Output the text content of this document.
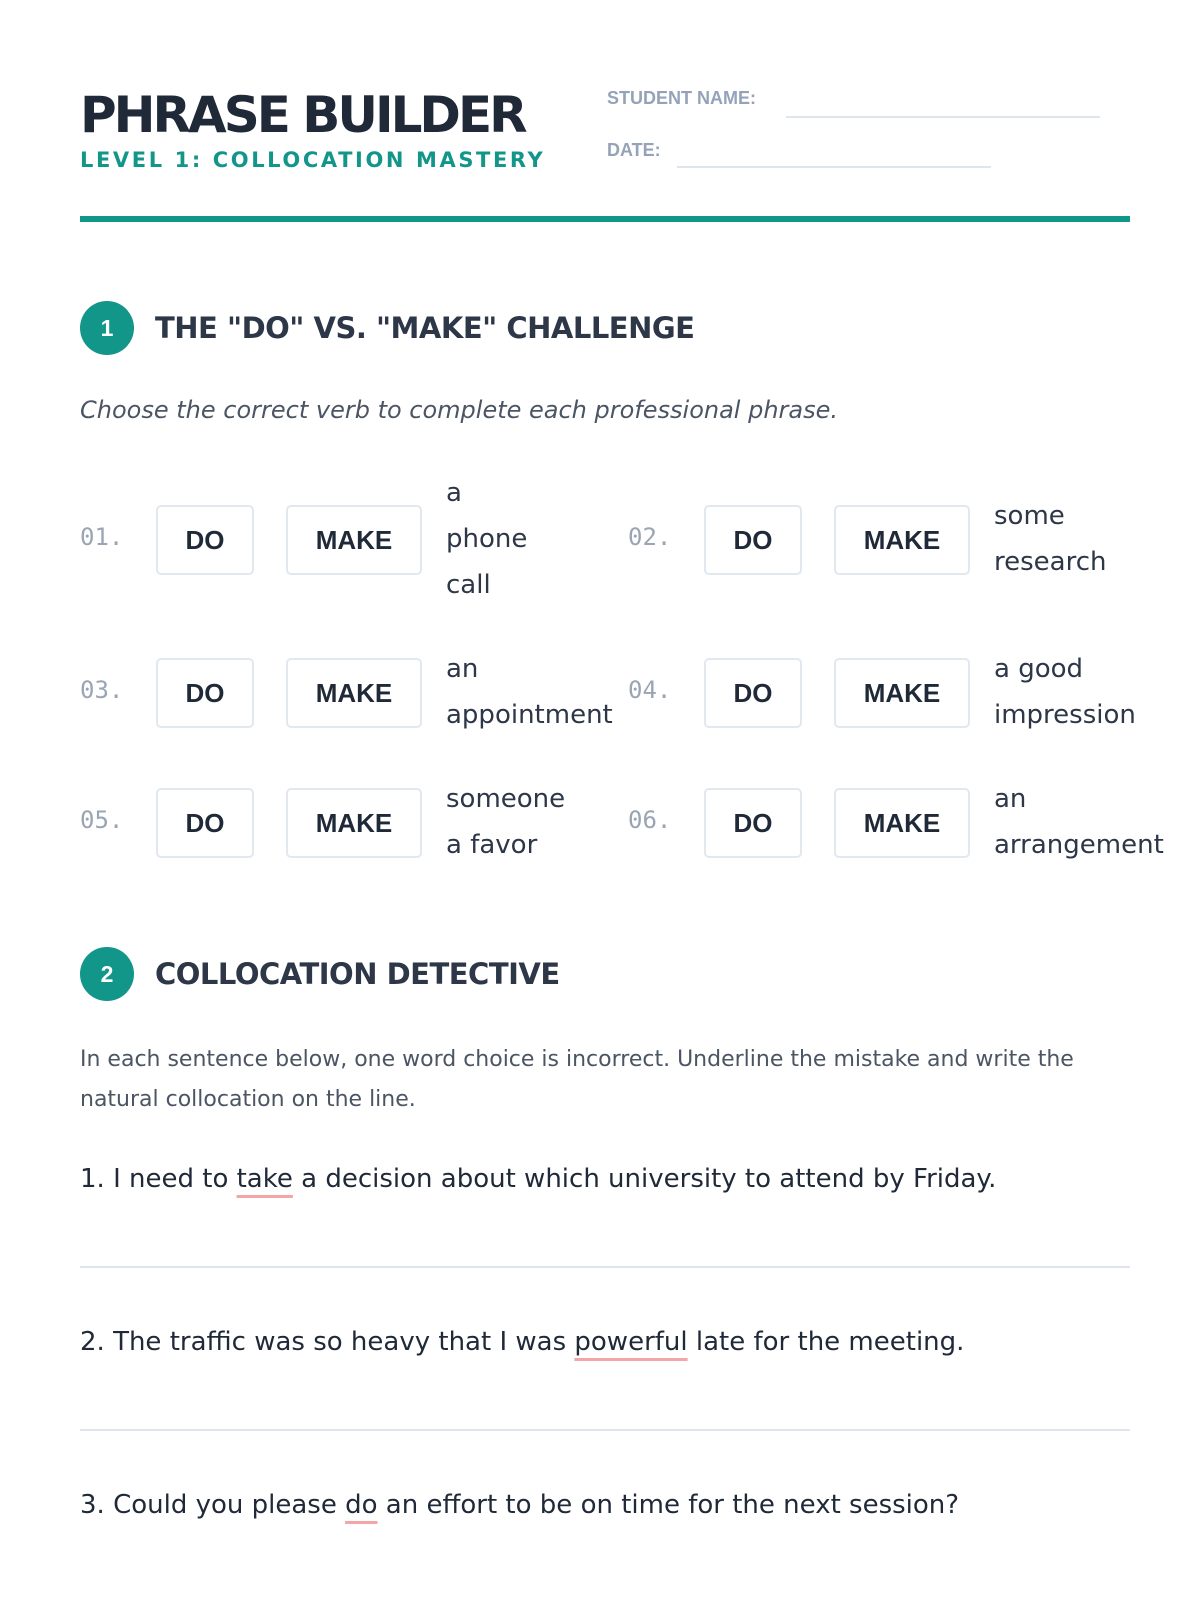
PHRASE BUILDER
LEVEL 1: COLLOCATION MASTERY
STUDENT NAME:
DATE:
1	THE "DO" VS. "MAKE" CHALLENGE
Choose the correct verb to complete each professional phrase.
01.	DO	MAKE
a
phone
call
02.	DO	MAKE
some
research
03.	DO	MAKE
an
appointment
04.	DO	MAKE
a good
impression
05.	DO	MAKE
someone
a favor
06.	DO	MAKE
an
arrangement
2	COLLOCATION DETECTIVE
In each sentence below, one word choice is incorrect. Underline the mistake and write the natural collocation on the line.
1. I need to take a decision about which university to attend by Friday.
2. The traffic was so heavy that I was powerful late for the meeting.
3. Could you please do an effort to be on time for the next session?
